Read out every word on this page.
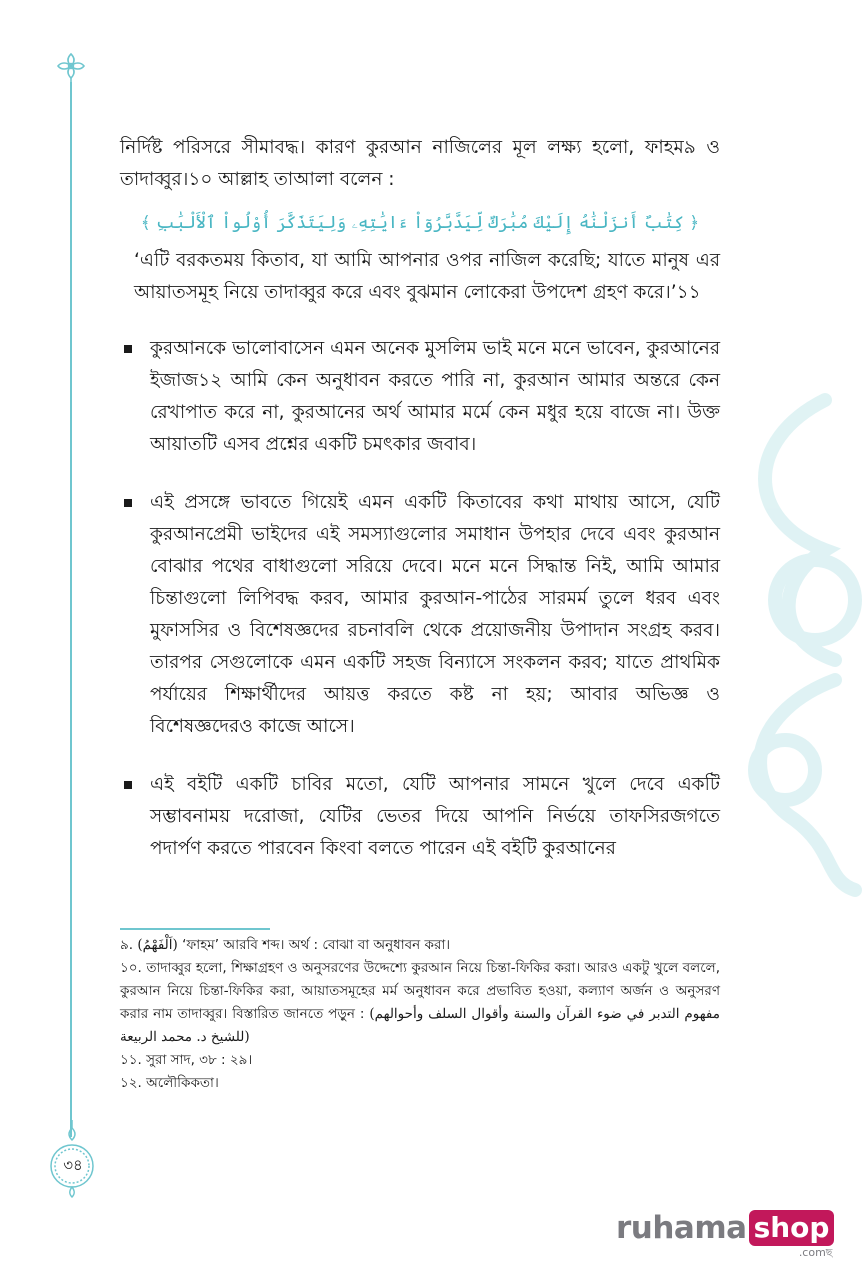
৩৪

নির্দিষ্ট পরিসরে সীমাবদ্ধ। কারণ কুরআন নাজিলের মূল লক্ষ্য হলো, ফাহম৯ ও তাদাব্বুর।১০ আল্লাহ তাআলা বলেন :

﴿ كِتَٰبٌ أَنزَلْنَٰهُ إِلَيْكَ مُبَٰرَكٌ لِّيَدَّبَّرُوٓاْ ءَايَٰتِهِۦ وَلِيَتَذَكَّرَ أُوْلُواْ ٱلْأَلْبَٰبِ ﴾

‘এটি বরকতময় কিতাব, যা আমি আপনার ওপর নাজিল করেছি; যাতে মানুষ এর আয়াতসমূহ নিয়ে তাদাব্বুর করে এবং বুঝমান লোকেরা উপদেশ গ্রহণ করে।’১১

কুরআনকে ভালোবাসেন এমন অনেক মুসলিম ভাই মনে মনে ভাবেন, কুরআনের ইজাজ১২ আমি কেন অনুধাবন করতে পারি না, কুরআন আমার অন্তরে কেন রেখাপাত করে না, কুরআনের অর্থ আমার মর্মে কেন মধুর হয়ে বাজে না। উক্ত আয়াতটি এসব প্রশ্নের একটি চমৎকার জবাব।

এই প্রসঙ্গে ভাবতে গিয়েই এমন একটি কিতাবের কথা মাথায় আসে, যেটি কুরআনপ্রেমী ভাইদের এই সমস্যাগুলোর সমাধান উপহার দেবে এবং কুরআন বোঝার পথের বাধাগুলো সরিয়ে দেবে। মনে মনে সিদ্ধান্ত নিই, আমি আমার চিন্তাগুলো লিপিবদ্ধ করব, আমার কুরআন-পাঠের সারমর্ম তুলে ধরব এবং মুফাসসির ও বিশেষজ্ঞদের রচনাবলি থেকে প্রয়োজনীয় উপাদান সংগ্রহ করব। তারপর সেগুলোকে এমন একটি সহজ বিন্যাসে সংকলন করব; যাতে প্রাথমিক পর্যায়ের শিক্ষার্থীদের আয়ত্ত করতে কষ্ট না হয়; আবার অভিজ্ঞ ও বিশেষজ্ঞদেরও কাজে আসে।

এই বইটি একটি চাবির মতো, যেটি আপনার সামনে খুলে দেবে একটি সম্ভাবনাময় দরোজা, যেটির ভেতর দিয়ে আপনি নির্ভয়ে তাফসিরজগতে পদার্পণ করতে পারবেন কিংবা বলতে পারেন এই বইটি কুরআনের

৯. (اَلْفَهْمُ) ‘ফাহম’ আরবি শব্দ। অর্থ : বোঝা বা অনুধাবন করা।

১০. তাদাব্বুর হলো, শিক্ষাগ্রহণ ও অনুসরণের উদ্দেশ্যে কুরআন নিয়ে চিন্তা-ফিকির করা। আরও একটু খুলে বললে, কুরআন নিয়ে চিন্তা-ফিকির করা, আয়াতসমূহের মর্ম অনুধাবন করে প্রভাবিত হওয়া, কল্যাণ অর্জন ও অনুসরণ করার নাম তাদাব্বুর। বিস্তারিত জানতে পড়ুন : (مفهوم التدبر في ضوء القرآن والسنة وأقوال السلف وأحوالهم للشيخ د. محمد الربيعة)

১১. সুরা সাদ, ৩৮ : ২৯।

১২. অলৌকিকতা।

ruhama shop
.comছ
